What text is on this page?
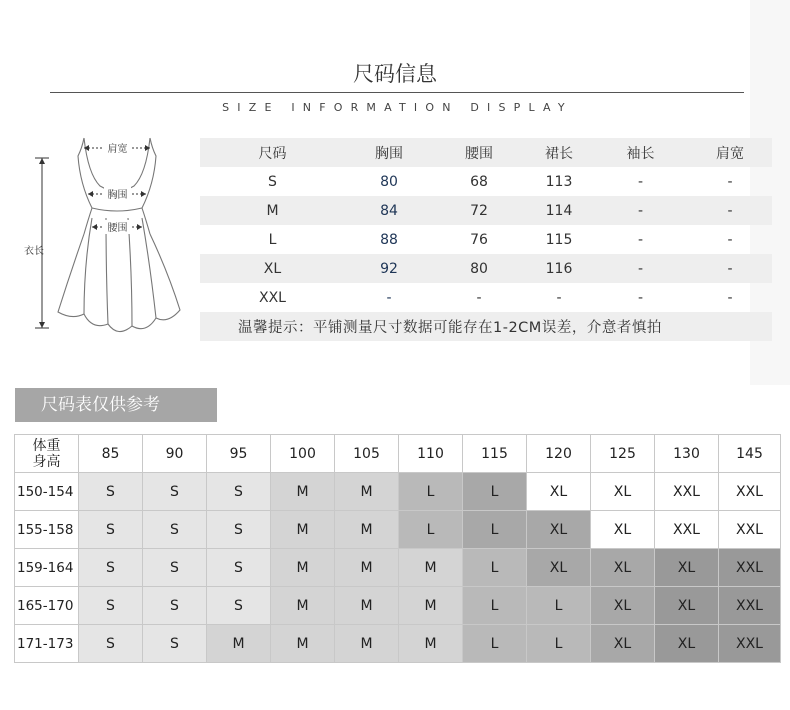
尺码信息
SIZE INFORMATION DISPLAY
肩宽
胸围
腰围
衣长
尺码	胸围	腰围	裙长	袖长	肩宽
S	80	68	113	-	-
M	84	72	114	-	-
L	88	76	115	-	-
XL	92	80	116	-	-
XXL	-	-	-	-	-
温馨提示：平铺测量尺寸数据可能存在1-2CM误差，介意者慎拍
尺码表仅供参考
体重
身高	85	90	95	100	105	110	115	120	125	130	145
150-154	S	S	S	M	M	L	L	XL	XL	XXL	XXL
155-158	S	S	S	M	M	L	L	XL	XL	XXL	XXL
159-164	S	S	S	M	M	M	L	XL	XL	XL	XXL
165-170	S	S	S	M	M	M	L	L	XL	XL	XXL
171-173	S	S	M	M	M	M	L	L	XL	XL	XXL
